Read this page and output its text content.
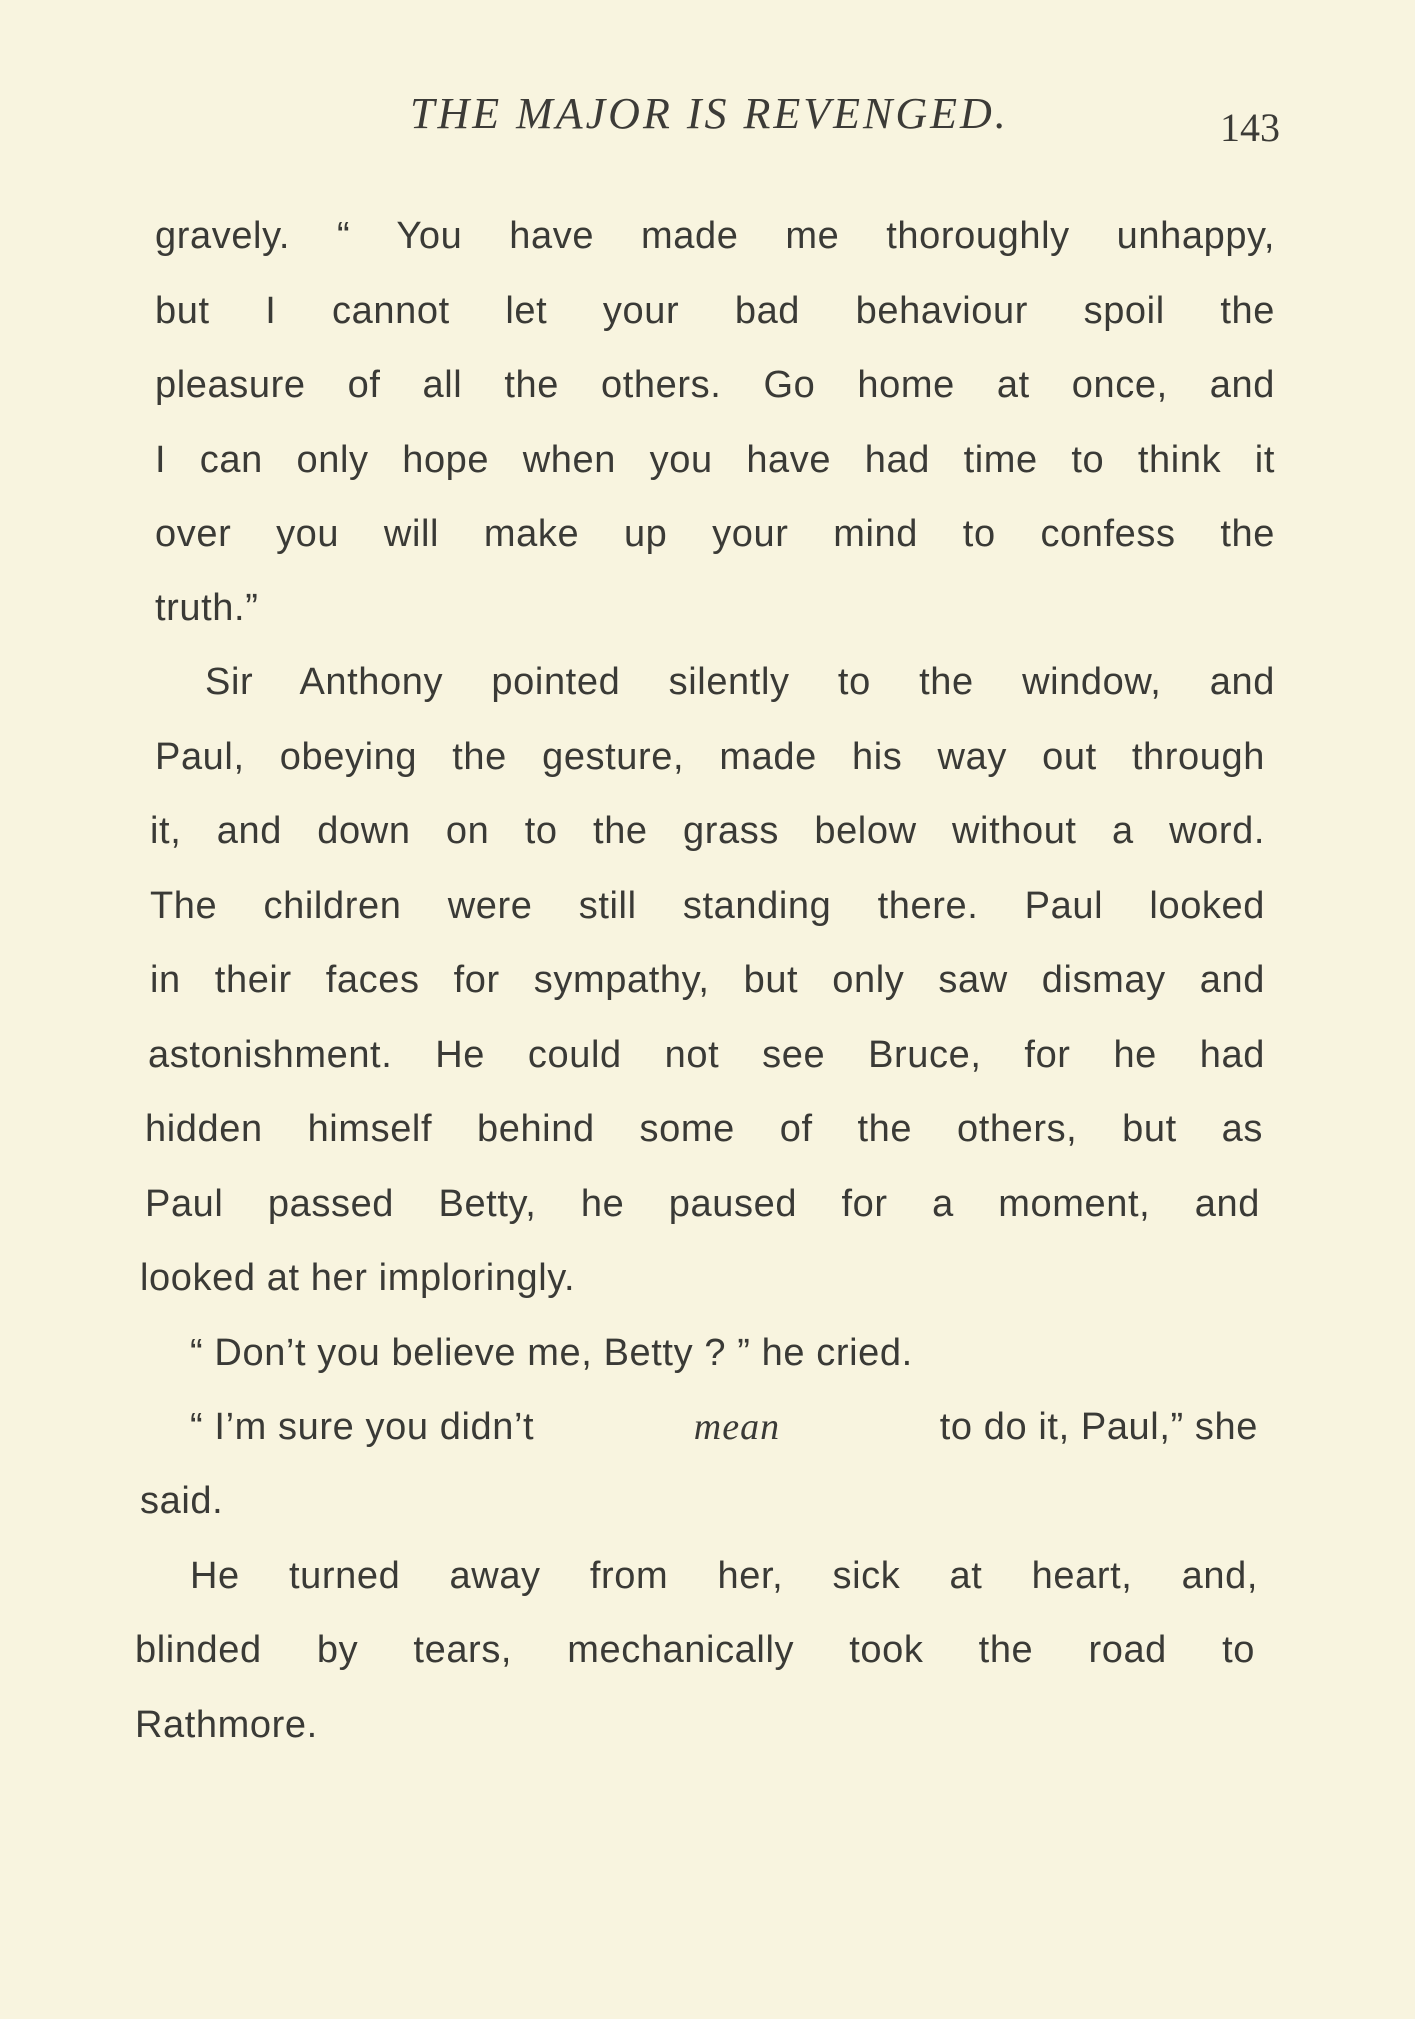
THE MAJOR IS REVENGED.	143
gravely. “ You have made me thoroughly unhappy,
but I cannot let your bad behaviour spoil the
pleasure of all the others. Go home at once, and
I can only hope when you have had time to think it
over you will make up your mind to confess the
truth.”
Sir Anthony pointed silently to the window, and
Paul, obeying the gesture, made his way out through
it, and down on to the grass below without a word.
The children were still standing there. Paul looked
in their faces for sympathy, but only saw dismay and
astonishment. He could not see Bruce, for he had
hidden himself behind some of the others, but as
Paul passed Betty, he paused for a moment, and
looked at her imploringly.
“ Don’t you believe me, Betty ? ” he cried.
“ I’m sure you didn’t	mean	to do it, Paul,” she
said.
He turned away from her, sick at heart, and,
blinded by tears, mechanically took the road to
Rathmore.
